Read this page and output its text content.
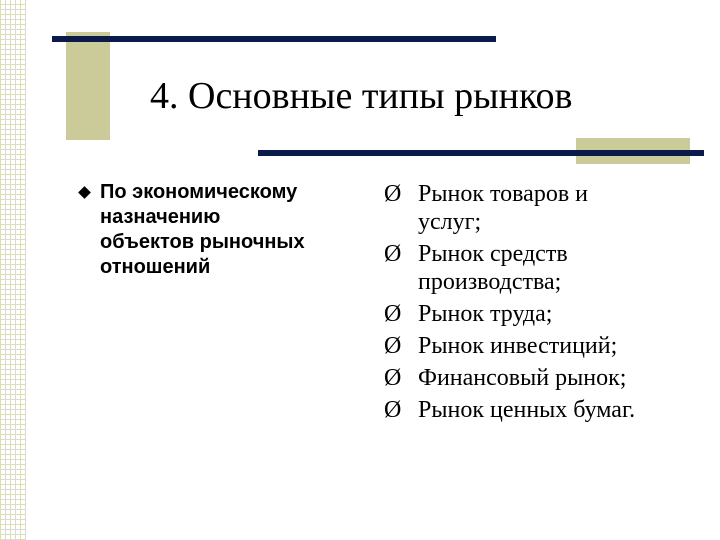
4. Основные типы рынков
По экономическому
назначению
объектов рыночных
отношений
Ø Рынок товаров и
услуг;
Ø Рынок средств
производства;
Ø Рынок труда;
Ø Рынок инвестиций;
Ø Финансовый рынок;
Ø Рынок ценных бумаг.
